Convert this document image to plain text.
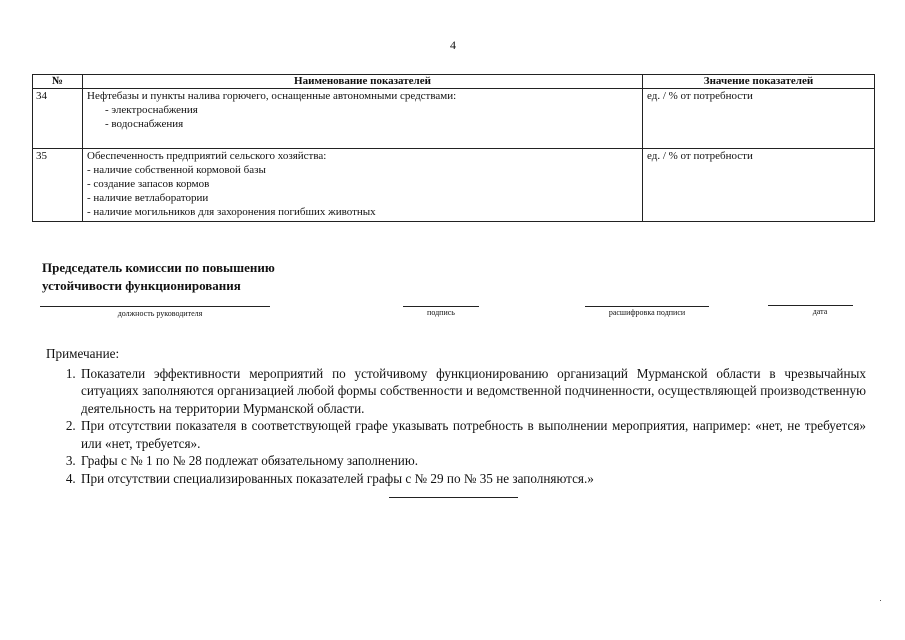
4
№	Наименование показателей	Значение показателей
34	Нефтебазы и пункты налива горючего, оснащенные автономными средствами:
- электроснабжения
- водоснабжения	ед. / % от потребности
35	Обеспеченность предприятий сельского хозяйства:
- наличие собственной кормовой базы
- создание запасов кормов
- наличие ветлаборатории
- наличие могильников для захоронения погибших животных	ед. / % от потребности
Председатель комиссии по повышению
устойчивости функционирования
должность руководителя	подпись	расшифровка подписи	дата
Примечание:
1. Показатели эффективности мероприятий по устойчивому функционированию организаций Мурманской области в чрезвычайных ситуациях заполняются организацией любой формы собственности и ведомственной подчиненности, осуществляющей производственную деятельность на территории Мурманской области.
2. При отсутствии показателя в соответствующей графе указывать потребность в выполнении мероприятия, например: «нет, не требуется» или «нет, требуется».
3. Графы с № 1 по № 28 подлежат обязательному заполнению.
4. При отсутствии специализированных показателей графы с № 29 по № 35 не заполняются.»
